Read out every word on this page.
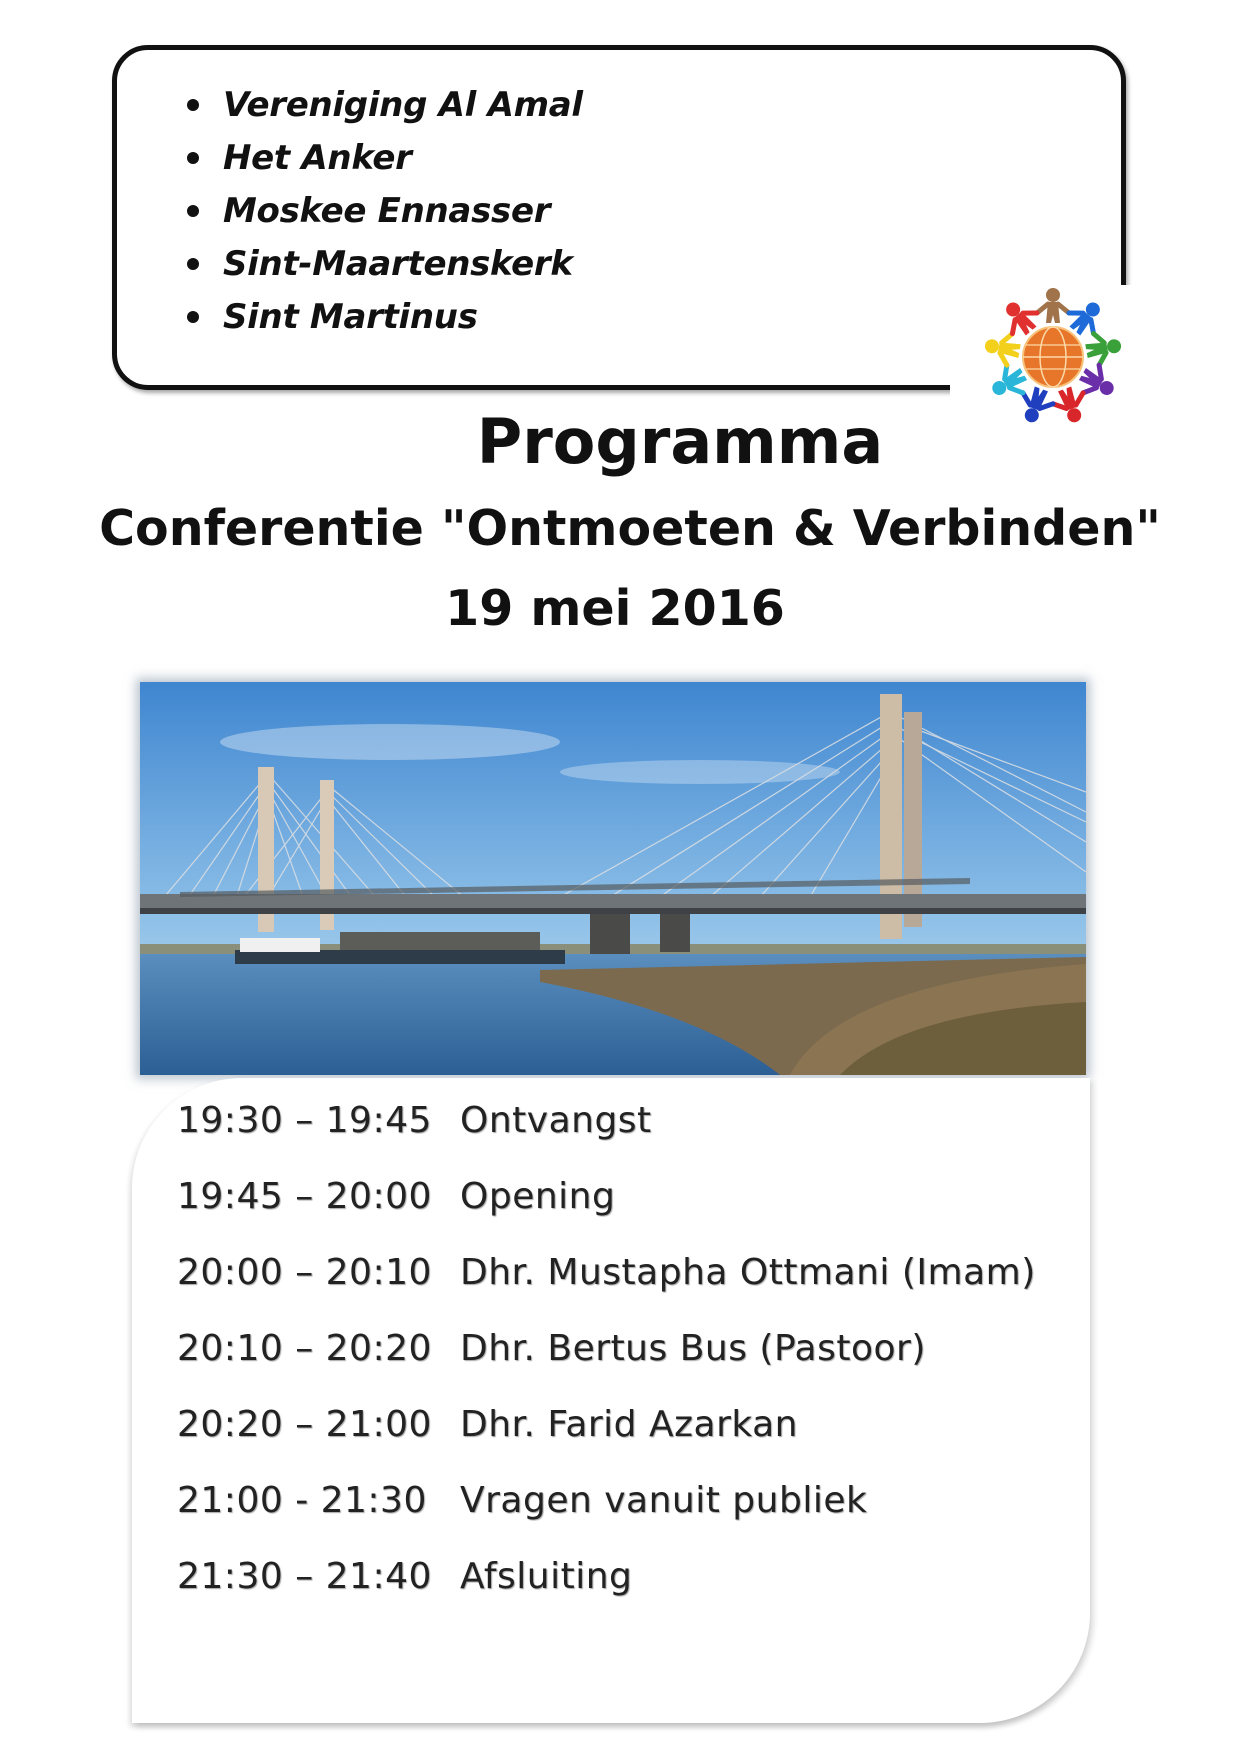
Vereniging Al Amal
Het Anker
Moskee Ennasser
Sint-Maartenskerk
Sint Martinus
Programma
Conferentie "Ontmoeten & Verbinden"
19 mei 2016
19:30 – 19:45 Ontvangst
19:45 – 20:00 Opening
20:00 – 20:10 Dhr. Mustapha Ottmani (Imam)
20:10 – 20:20 Dhr. Bertus Bus (Pastoor)
20:20 – 21:00 Dhr. Farid Azarkan
21:00 - 21:30 Vragen vanuit publiek
21:30 – 21:40 Afsluiting
